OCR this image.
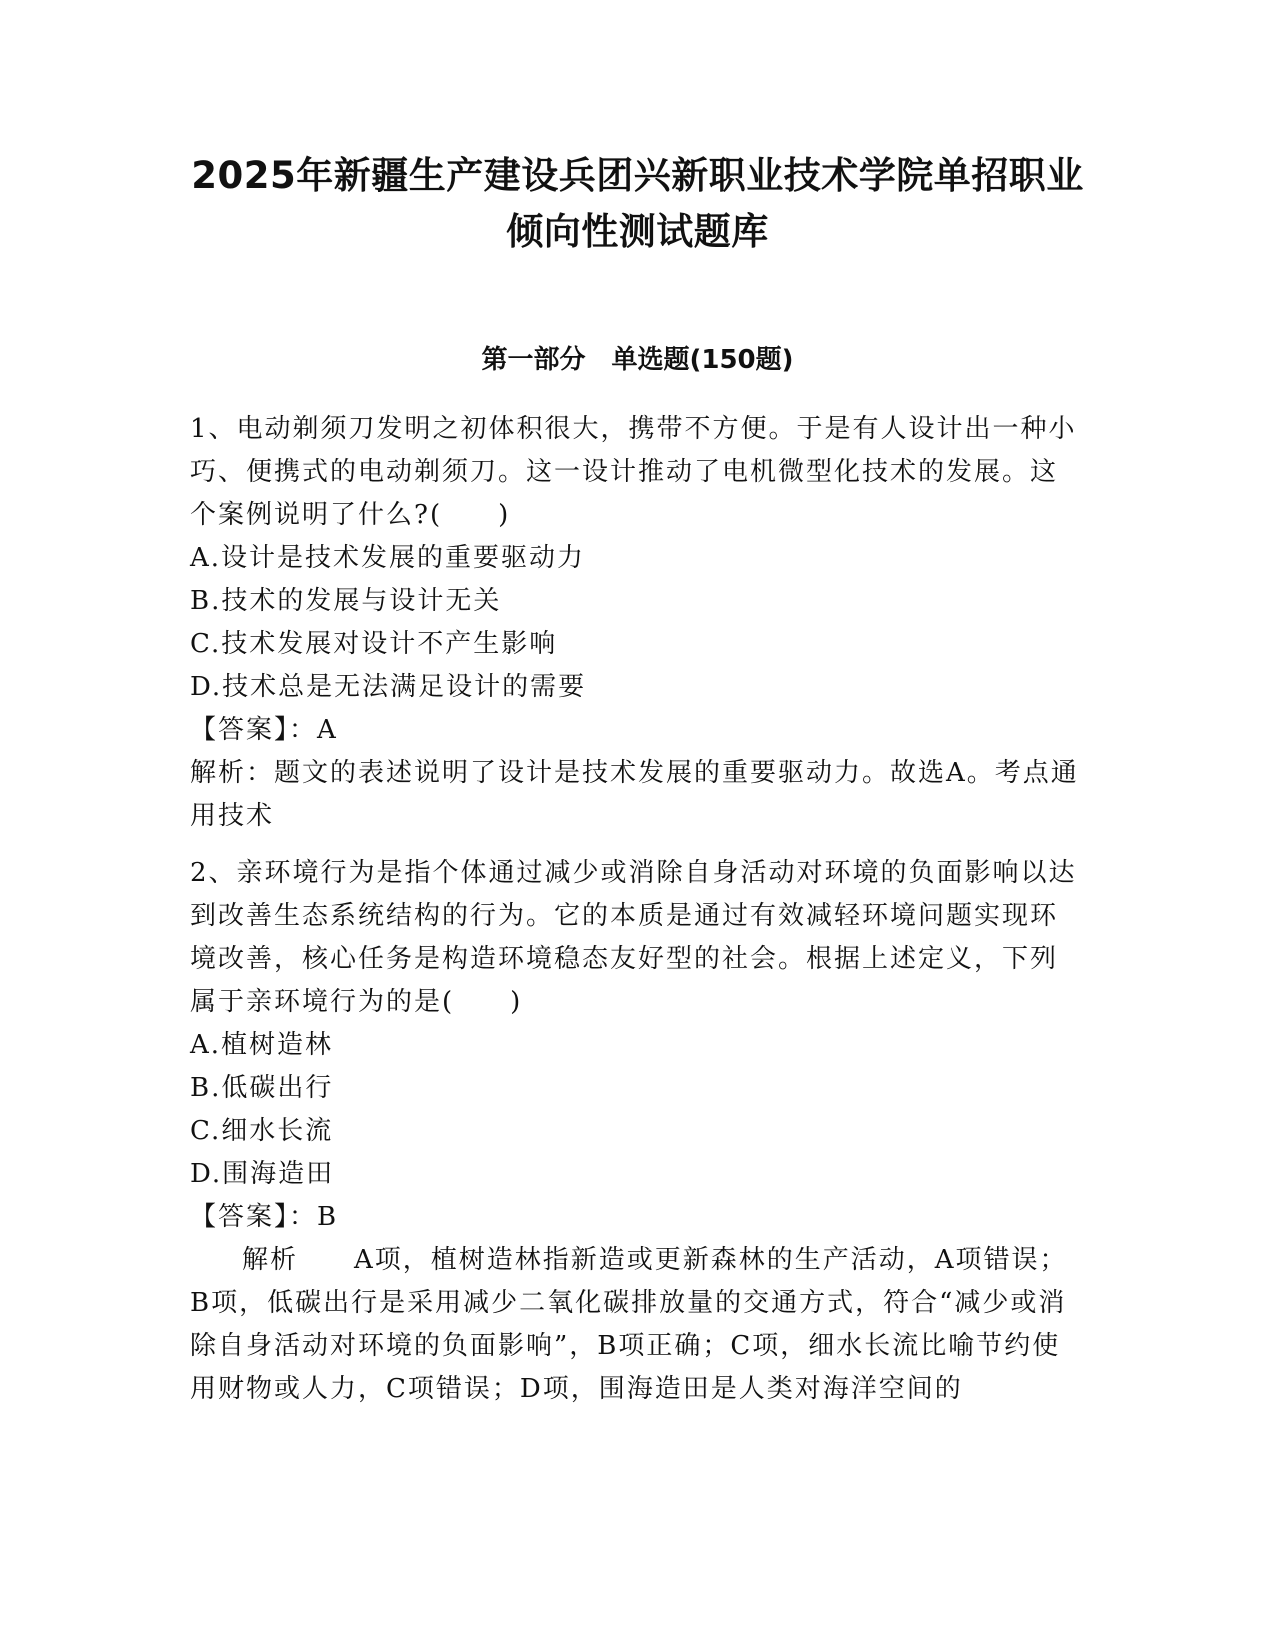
2025年新疆生产建设兵团兴新职业技术学院单招职业
倾向性测试题库
第一部分 单选题(150题)

1、电动剃须刀发明之初体积很大，携带不方便。于是有人设计出一种小巧、便携式的电动剃须刀。这一设计推动了电机微型化技术的发展。这个案例说明了什么?(　　)

A.设计是技术发展的重要驱动力

B.技术的发展与设计无关

C.技术发展对设计不产生影响

D.技术总是无法满足设计的需要

【答案】：A

解析：题文的表述说明了设计是技术发展的重要驱动力。故选A。考点通用技术

2、亲环境行为是指个体通过减少或消除自身活动对环境的负面影响以达到改善生态系统结构的行为。它的本质是通过有效减轻环境问题实现环境改善，核心任务是构造环境稳态友好型的社会。根据上述定义，下列属于亲环境行为的是(　　)

A.植树造林

B.低碳出行

C.细水长流

D.围海造田

【答案】：B

解析　　A项，植树造林指新造或更新森林的生产活动，A项错误；B项，低碳出行是采用减少二氧化碳排放量的交通方式，符合“减少或消除自身活动对环境的负面影响”，B项正确；C项，细水长流比喻节约使用财物或人力，C项错误；D项，围海造田是人类对海洋空间的
